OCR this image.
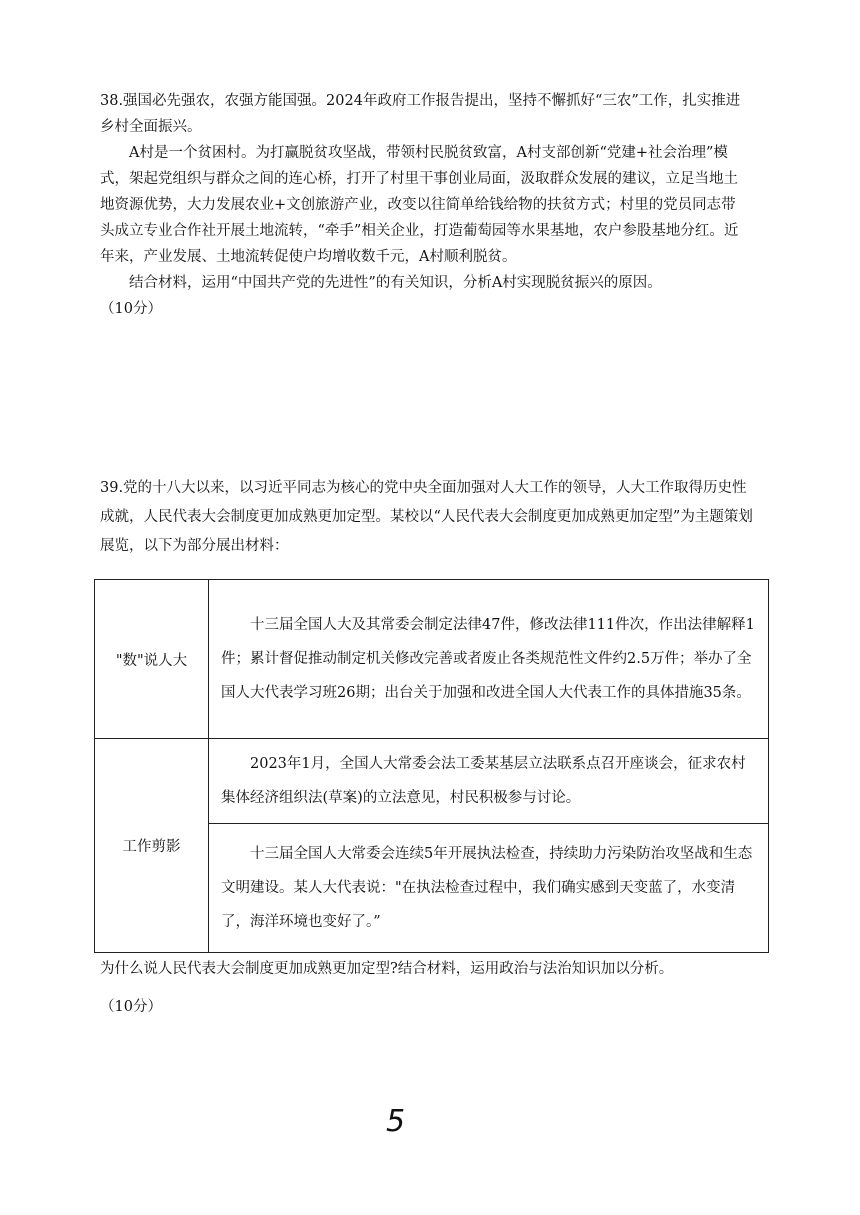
38.强国必先强农，农强方能国强。2024年政府工作报告提出，坚持不懈抓好“三农”工作，扎实推进乡村全面振兴。

A村是一个贫困村。为打赢脱贫攻坚战，带领村民脱贫致富，A村支部创新“党建+社会治理”模式，架起党组织与群众之间的连心桥，打开了村里干事创业局面，汲取群众发展的建议，立足当地土地资源优势，大力发展农业+文创旅游产业，改变以往简单给钱给物的扶贫方式；村里的党员同志带头成立专业合作社开展土地流转，“牵手”相关企业，打造葡萄园等水果基地，农户参股基地分红。近年来，产业发展、土地流转促使户均增收数千元，A村顺利脱贫。

结合材料，运用“中国共产党的先进性”的有关知识，分析A村实现脱贫振兴的原因。

（10分）

39.党的十八大以来，以习近平同志为核心的党中央全面加强对人大工作的领导，人大工作取得历史性成就，人民代表大会制度更加成熟更加定型。某校以“人民代表大会制度更加成熟更加定型”为主题策划展览，以下为部分展出材料：

"数"说人大	十三届全国人大及其常委会制定法律47件，修改法律111件次，作出法律解释1件；累计督促推动制定机关修改完善或者废止各类规范性文件约2.5万件；举办了全国人大代表学习班26期；出台关于加强和改进全国人大代表工作的具体措施35条。

工作剪影	2023年1月，全国人大常委会法工委某基层立法联系点召开座谈会，征求农村集体经济组织法(草案)的立法意见，村民积极参与讨论。

	十三届全国人大常委会连续5年开展执法检查，持续助力污染防治攻坚战和生态文明建设。某人大代表说："在执法检查过程中，我们确实感到天变蓝了，水变清了，海洋环境也变好了。”

为什么说人民代表大会制度更加成熟更加定型?结合材料，运用政治与法治知识加以分析。

（10分）

5
